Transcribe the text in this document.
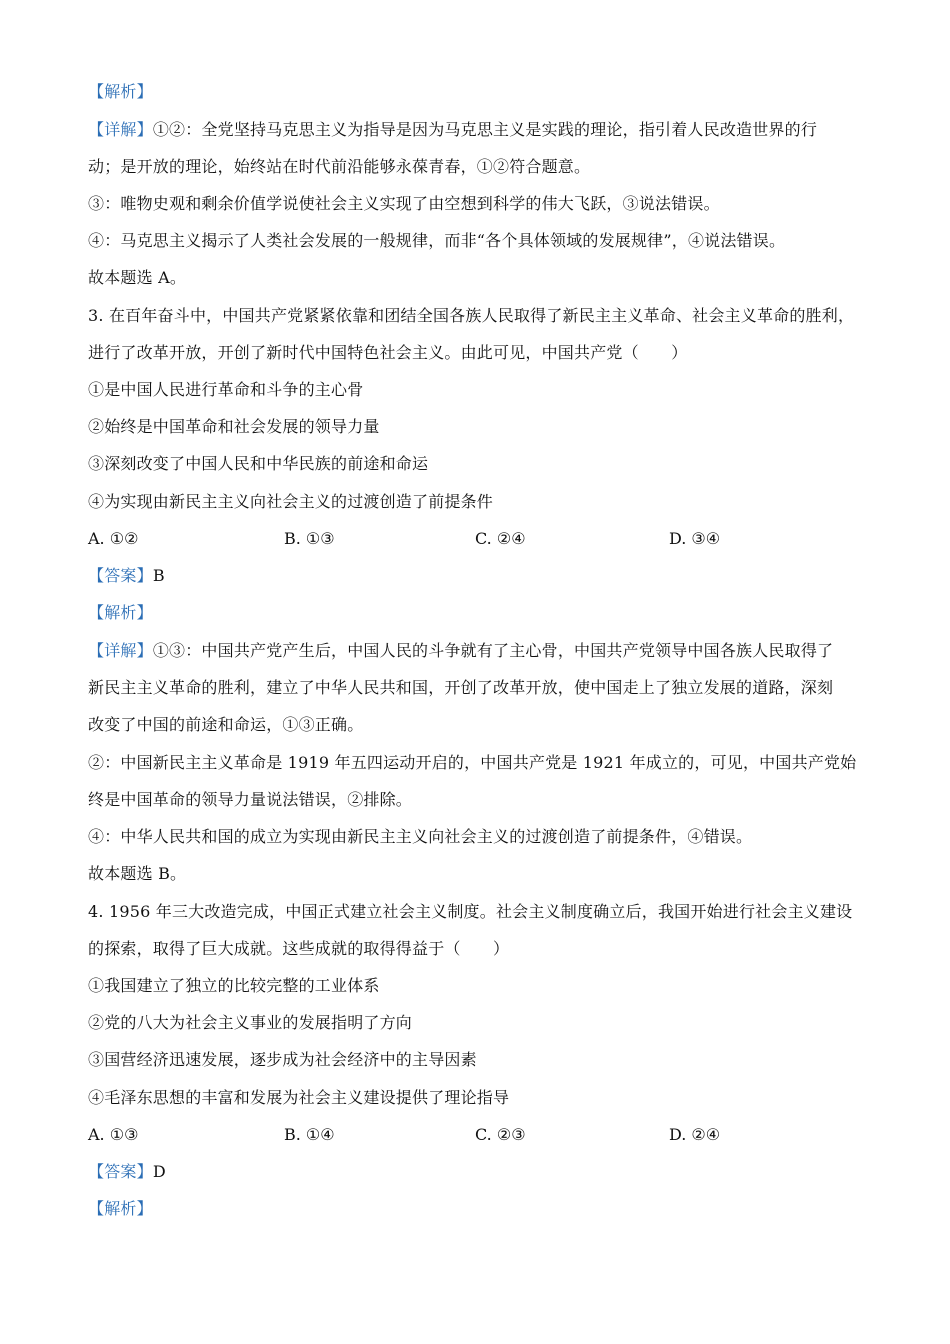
【解析】
【详解】①②：全党坚持马克思主义为指导是因为马克思主义是实践的理论，指引着人民改造世界的行
动；是开放的理论，始终站在时代前沿能够永葆青春，①②符合题意。
③：唯物史观和剩余价值学说使社会主义实现了由空想到科学的伟大飞跃，③说法错误。
④：马克思主义揭示了人类社会发展的一般规律，而非“各个具体领域的发展规律”，④说法错误。
故本题选 A。
3. 在百年奋斗中，中国共产党紧紧依靠和团结全国各族人民取得了新民主主义革命、社会主义革命的胜利，
进行了改革开放，开创了新时代中国特色社会主义。由此可见，中国共产党（　　）
①是中国人民进行革命和斗争的主心骨
②始终是中国革命和社会发展的领导力量
③深刻改变了中国人民和中华民族的前途和命运
④为实现由新民主主义向社会主义的过渡创造了前提条件
A. ①②	B. ①③	C. ②④	D. ③④
【答案】B
【解析】
【详解】①③：中国共产党产生后，中国人民的斗争就有了主心骨，中国共产党领导中国各族人民取得了
新民主主义革命的胜利，建立了中华人民共和国，开创了改革开放，使中国走上了独立发展的道路，深刻
改变了中国的前途和命运，①③正确。
②：中国新民主主义革命是 1919 年五四运动开启的，中国共产党是 1921 年成立的，可见，中国共产党始
终是中国革命的领导力量说法错误，②排除。
④：中华人民共和国的成立为实现由新民主主义向社会主义的过渡创造了前提条件，④错误。
故本题选 B。
4. 1956 年三大改造完成，中国正式建立社会主义制度。社会主义制度确立后，我国开始进行社会主义建设
的探索，取得了巨大成就。这些成就的取得得益于（　　）
①我国建立了独立的比较完整的工业体系
②党的八大为社会主义事业的发展指明了方向
③国营经济迅速发展，逐步成为社会经济中的主导因素
④毛泽东思想的丰富和发展为社会主义建设提供了理论指导
A. ①③	B. ①④	C. ②③	D. ②④
【答案】D
【解析】
